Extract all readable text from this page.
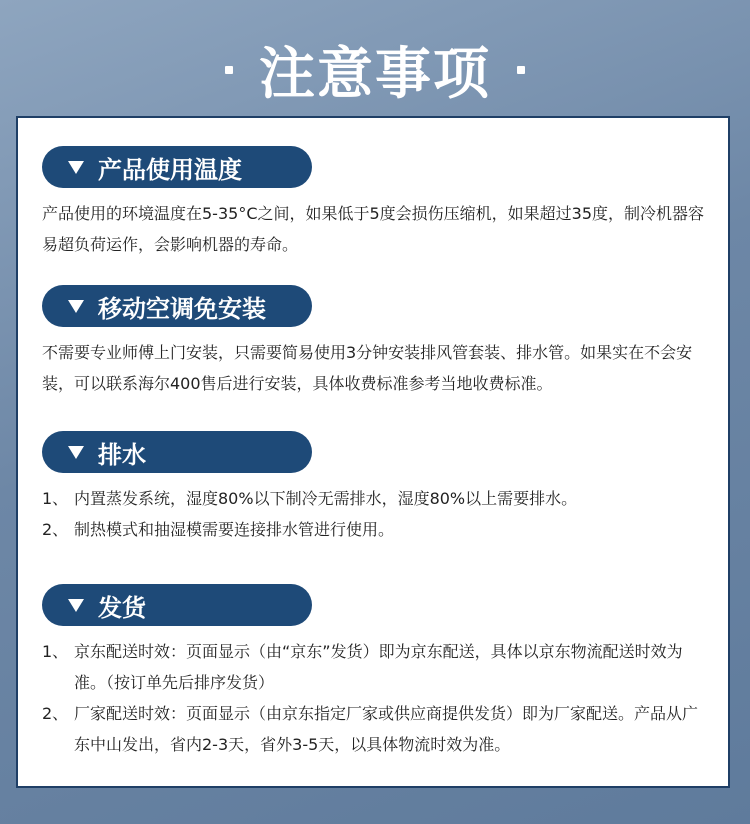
注意事项
产品使用温度
产品使用的环境温度在5-35°C之间，如果低于5度会损伤压缩机，如果超过35度，制冷机器容易超负荷运作，会影响机器的寿命。
移动空调免安装
不需要专业师傅上门安装，只需要简易使用3分钟安装排风管套装、排水管。如果实在不会安装，可以联系海尔400售后进行安装，具体收费标准参考当地收费标准。
排水
1、 内置蒸发系统，湿度80%以下制冷无需排水，湿度80%以上需要排水。
2、 制热模式和抽湿模需要连接排水管进行使用。
发货
1、 京东配送时效：页面显示（由“京东”发货）即为京东配送，具体以京东物流配送时效为准。（按订单先后排序发货）
2、 厂家配送时效：页面显示（由京东指定厂家或供应商提供发货）即为厂家配送。产品从广东中山发出，省内2-3天，省外3-5天，以具体物流时效为准。
